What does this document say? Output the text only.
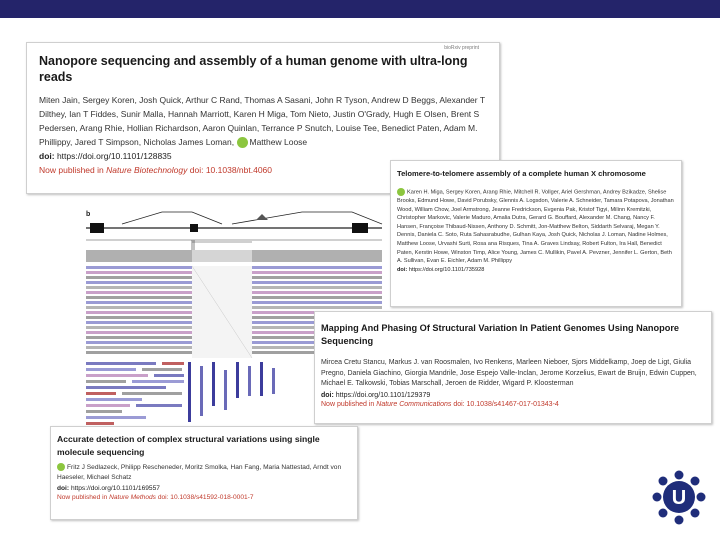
bioRxiv preprint
Nanopore sequencing and assembly of a human genome with ultra-long reads
Miten Jain, Sergey Koren, Josh Quick, Arthur C Rand, Thomas A Sasani, John R Tyson, Andrew D Beggs, Alexander T Dilthey, Ian T Fiddes, Sunir Malla, Hannah Marriott, Karen H Miga, Tom Nieto, Justin O'Grady, Hugh E Olsen, Brent S Pedersen, Arang Rhie, Hollian Richardson, Aaron Quinlan, Terrance P Snutch, Louise Tee, Benedict Paten, Adam M. Phillippy, Jared T Simpson, Nicholas James Loman, Matthew Loose
doi: https://doi.org/10.1101/128835
Now published in Nature Biotechnology doi: 10.1038/nbt.4060
b
Telomere-to-telomere assembly of a complete human X chromosome
Karen H. Miga, Sergey Koren, Arang Rhie, Mitchell R. Vollger, Ariel Gershman, Andrey Bzikadze, Shelise Brooks, Edmund Howe, David Porubsky, Glennis A. Logsdon, Valerie A. Schneider, Tamara Potapova, Jonathan Wood, William Chow, Joel Armstrong, Jeanne Fredrickson, Evgenia Pak, Kristof Tigyi, Milinn Kremitzki, Christopher Markovic, Valerie Maduro, Amalia Dutra, Gerard G. Bouffard, Alexander M. Chang, Nancy F. Hansen, Françoise Thibaud-Nissen, Anthony D. Schmitt, Jon-Matthew Belton, Siddarth Selvaraj, Megan Y. Dennis, Daniela C. Soto, Ruta Sahasrabudhe, Gulhan Kaya, Josh Quick, Nicholas J. Loman, Nadine Holmes, Matthew Loose, Urvashi Surti, Rosa ana Risques, Tina A. Graves Lindsay, Robert Fulton, Ira Hall, Benedict Paten, Kerstin Howe, Winston Timp, Alice Young, James C. Mullikin, Pavel A. Pevzner, Jennifer L. Gerton, Beth A. Sullivan, Evan E. Eichler, Adam M. Phillippy
doi: https://doi.org/10.1101/735928
Mapping And Phasing Of Structural Variation In Patient Genomes Using Nanopore Sequencing
Mircea Cretu Stancu, Markus J. van Roosmalen, Ivo Renkens, Marleen Nieboer, Sjors Middelkamp, Joep de Ligt, Giulia Pregno, Daniela Giachino, Giorgia Mandrile, Jose Espejo Valle-Inclan, Jerome Korzelius, Ewart de Bruijn, Edwin Cuppen, Michael E. Talkowski, Tobias Marschall, Jeroen de Ridder, Wigard P. Kloosterman
doi: https://doi.org/10.1101/129379
Now published in Nature Communications doi: 10.1038/s41467-017-01343-4
Accurate detection of complex structural variations using single molecule sequencing
Fritz J Sedlazeck, Philipp Rescheneder, Moritz Smolka, Han Fang, Maria Nattestad, Arndt von Haeseler, Michael Schatz
doi: https://doi.org/10.1101/169557
Now published in Nature Methods doi: 10.1038/s41592-018-0001-7	U
